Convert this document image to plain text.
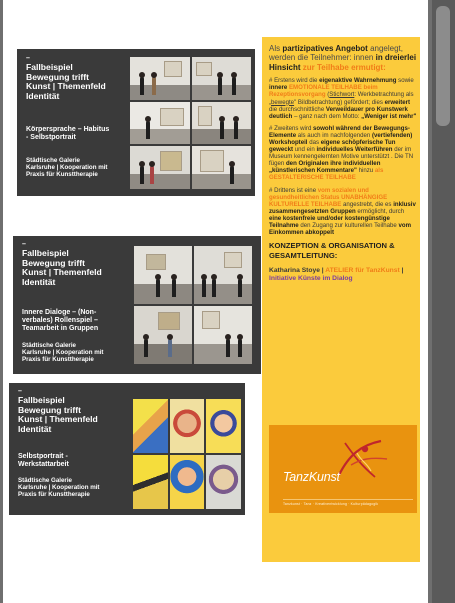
–
Fallbeispiel
Bewegung trifft
Kunst | Themenfeld
Identität
Körpersprache – Habitus
- Selbstportrait
Städtische Galerie
Karlsruhe | Kooperation mit
Praxis für Kunsttherapie
–
Fallbeispiel
Bewegung trifft
Kunst | Themenfeld
Identität
Innere Dialoge – (Non-
verbales) Rollenspiel –
Teamarbeit in Gruppen
Städtische Galerie
Karlsruhe | Kooperation mit
Praxis für Kunsttherapie
–
Fallbeispiel
Bewegung trifft
Kunst | Themenfeld
Identität
Selbstportrait -
Werkstattarbeit
Städtische Galerie
Karlsruhe | Kooperation mit
Praxis für Kunsttherapie

Als partizipatives Angebot angelegt, werden die Teilnehmer: innen in dreierlei Hinsicht zur Teilhabe ermutigt:

# Erstens wird die eigenaktive Wahrnehmung sowie innere EMOTIONALE TEILHABE beim Rezeptionsvorgang (Stichwort: Werkbetrachtung als „bewegte" Bildbetrachtung) gefördert; dies erweitert die durchschnittliche Verweildauer pro Kunstwerk deutlich – ganz nach dem Motto: „Weniger ist mehr"

# Zweitens wird sowohl während der Bewegungs-Elemente als auch im nachfolgenden (vertiefenden) Workshopteil das eigene schöpferische Tun geweckt und ein individuelles Weiterführen der im Museum kennengelernten Motive unterstützt . Die TN fügen den Originalen ihre individuellen „künstlerischen Kommentare" hinzu als GESTALTERISCHE TEILHABE

# Drittens ist eine vom sozialen und gesundheitlichen Status UNABHÄNGIGE KULTURELLE TEILHABE angestrebt, die es inklusiv zusammengesetzten Gruppen ermöglicht, durch eine kostenfreie und/oder kostengünstige Teilnahme den Zugang zur kulturellen Teilhabe vom Einkommen abkoppelt

KONZEPTION & ORGANISATION & GESAMTLEITUNG:

Katharina Stoye | ATELIER für TanzKunst | Initiative Künste im Dialog

TanzKunst
Tanzkunst · Tanz · Kreativentwicklung · Kulturpädagogik
